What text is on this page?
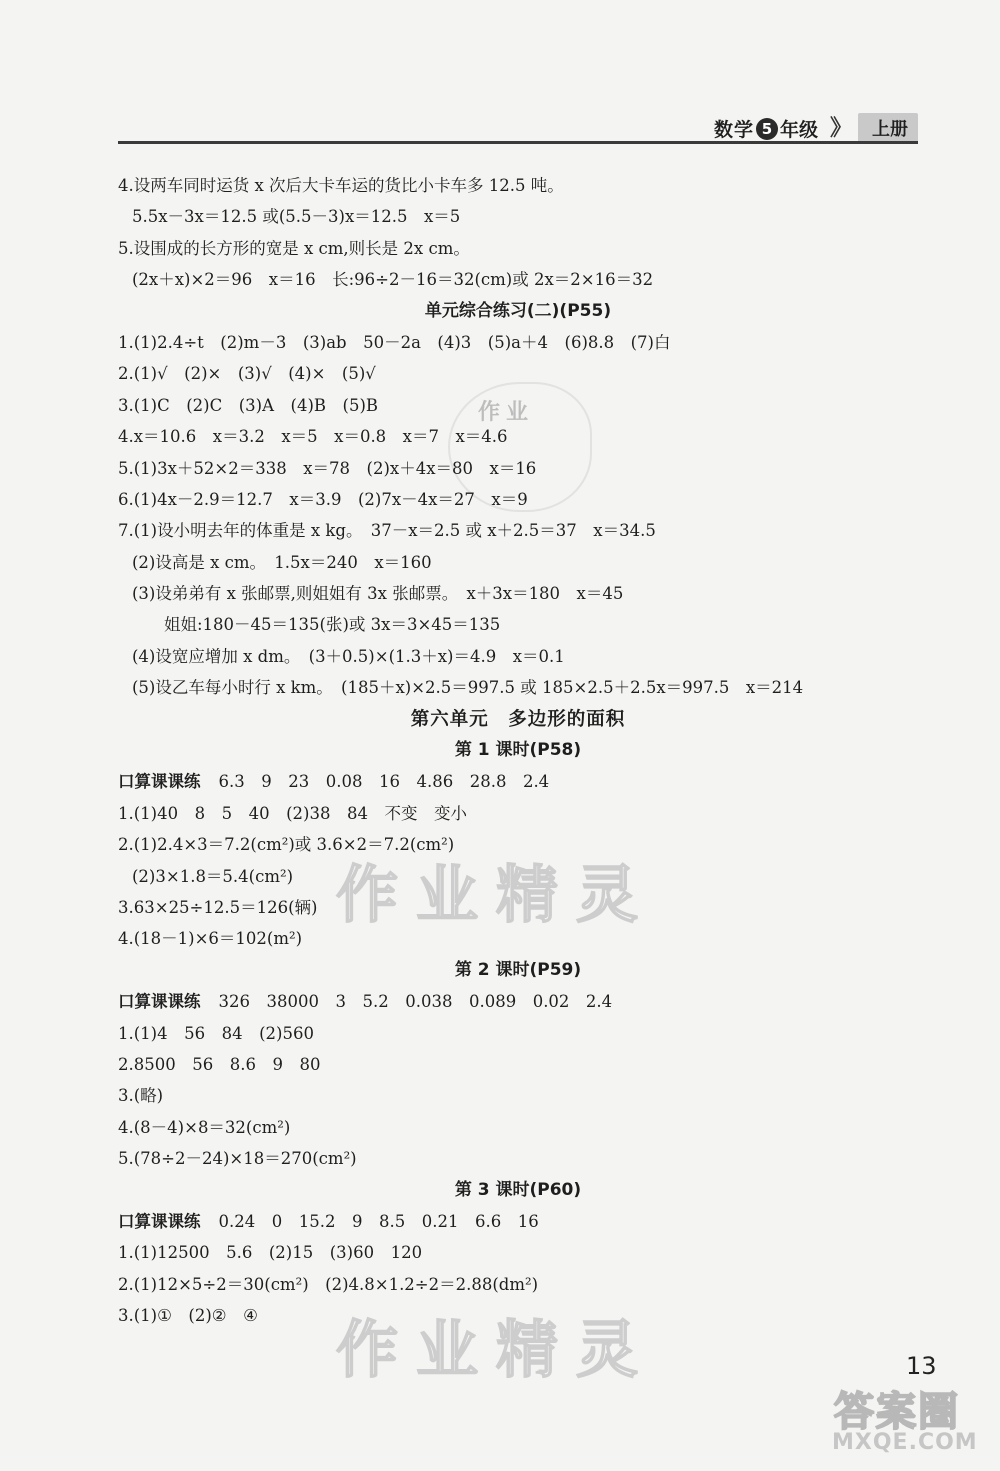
数学 5 年级 》	上册
作业
4.设两车同时运货 x 次后大卡车运的货比小卡车多 12.5 吨。
5.5x－3x＝12.5 或(5.5－3)x＝12.5　x＝5
5.设围成的长方形的宽是 x cm,则长是 2x cm。
(2x＋x)×2＝96　x＝16　长:96÷2－16＝32(cm)或 2x＝2×16＝32
单元综合练习(二)(P55)
1.(1)2.4÷t　(2)m－3　(3)ab　50－2a　(4)3　(5)a＋4　(6)8.8　(7)白
2.(1)√　(2)×　(3)√　(4)×　(5)√
3.(1)C　(2)C　(3)A　(4)B　(5)B
4.x＝10.6　x＝3.2　x＝5　x＝0.8　x＝7　x＝4.6
5.(1)3x＋52×2＝338　x＝78　(2)x＋4x＝80　x＝16
6.(1)4x－2.9＝12.7　x＝3.9　(2)7x－4x＝27　x＝9
7.(1)设小明去年的体重是 x kg。　37－x＝2.5 或 x＋2.5＝37　x＝34.5
(2)设高是 x cm。　1.5x＝240　x＝160
(3)设弟弟有 x 张邮票,则姐姐有 3x 张邮票。　x＋3x＝180　x＝45
姐姐:180－45＝135(张)或 3x＝3×45＝135
(4)设宽应增加 x dm。　(3＋0.5)×(1.3＋x)＝4.9　x＝0.1
(5)设乙车每小时行 x km。　(185＋x)×2.5＝997.5 或 185×2.5＋2.5x＝997.5　x＝214
第六单元　多边形的面积
第 1 课时(P58)
口算课课练 6.3　9　23　0.08　16　4.86　28.8　2.4
1.(1)40　8　5　40　(2)38　84　不变　变小
2.(1)2.4×3＝7.2(cm²)或 3.6×2＝7.2(cm²)
(2)3×1.8＝5.4(cm²)
3.63×25÷12.5＝126(辆)
4.(18－1)×6＝102(m²)
第 2 课时(P59)
口算课课练 326　38000　3　5.2　0.038　0.089　0.02　2.4
1.(1)4　56　84　(2)560
2.8500　56　8.6　9　80
3.(略)
4.(8－4)×8＝32(cm²)
5.(78÷2－24)×18＝270(cm²)
第 3 课时(P60)
口算课课练 0.24　0　15.2　9　8.5　0.21　6.6　16
1.(1)12500　5.6　(2)15　(3)60　120
2.(1)12×5÷2＝30(cm²)　(2)4.8×1.2÷2＝2.88(dm²)
3.(1)①　(2)②　④
作业精灵
作业精灵	13
答案圈
MXQE.COM
